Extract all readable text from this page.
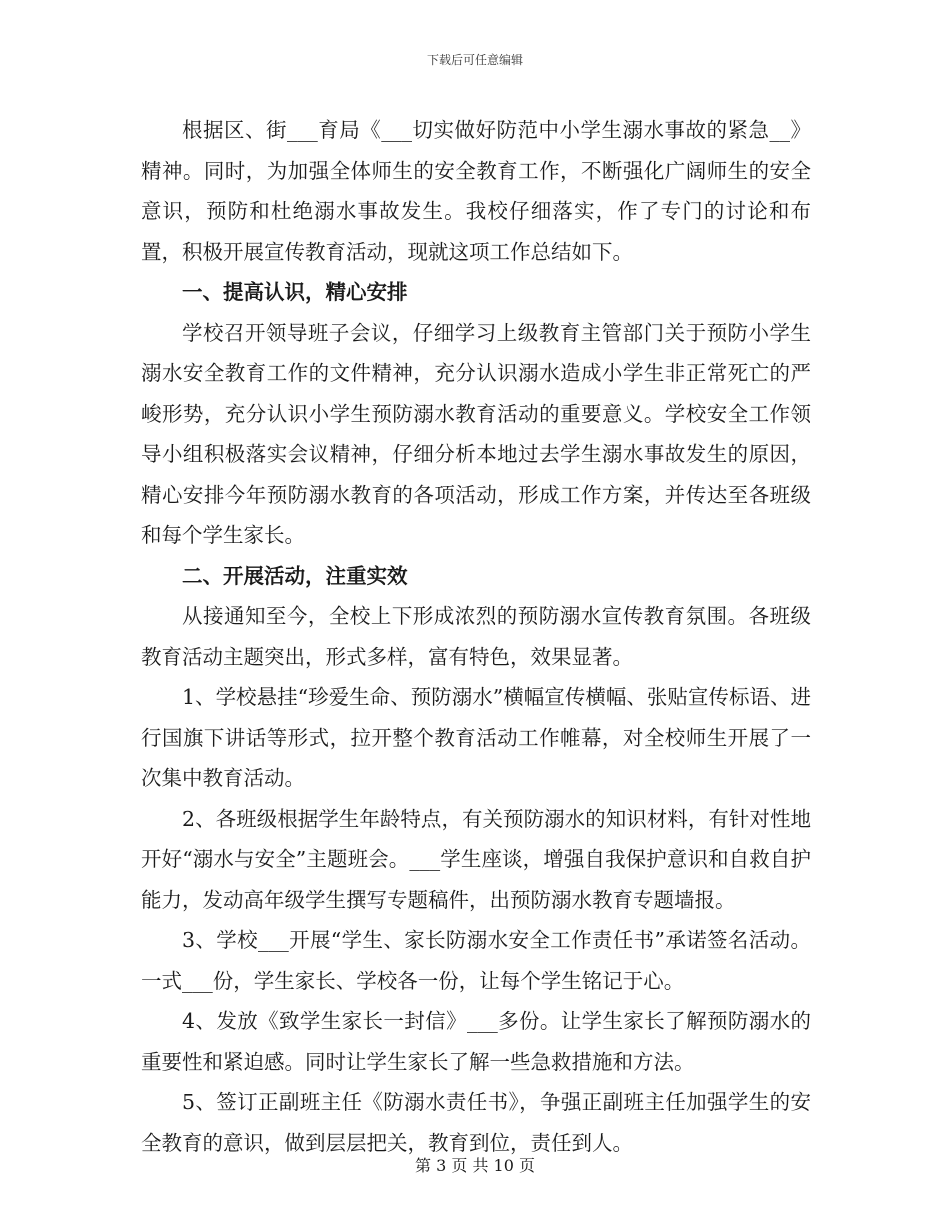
下载后可任意编辑

根据区、街___育局《___切实做好防范中小学生溺水事故的紧急__》精神。同时，为加强全体师生的安全教育工作，不断强化广阔师生的安全意识，预防和杜绝溺水事故发生。我校仔细落实，作了专门的讨论和布置，积极开展宣传教育活动，现就这项工作总结如下。

一、提高认识，精心安排

学校召开领导班子会议，仔细学习上级教育主管部门关于预防小学生溺水安全教育工作的文件精神，充分认识溺水造成小学生非正常死亡的严峻形势，充分认识小学生预防溺水教育活动的重要意义。学校安全工作领导小组积极落实会议精神，仔细分析本地过去学生溺水事故发生的原因，精心安排今年预防溺水教育的各项活动，形成工作方案，并传达至各班级和每个学生家长。

二、开展活动，注重实效

从接通知至今，全校上下形成浓烈的预防溺水宣传教育氛围。各班级教育活动主题突出，形式多样，富有特色，效果显著。

1、学校悬挂“珍爱生命、预防溺水”横幅宣传横幅、张贴宣传标语、进行国旗下讲话等形式，拉开整个教育活动工作帷幕，对全校师生开展了一次集中教育活动。

2、各班级根据学生年龄特点，有关预防溺水的知识材料，有针对性地开好“溺水与安全”主题班会。___学生座谈，增强自我保护意识和自救自护能力，发动高年级学生撰写专题稿件，出预防溺水教育专题墙报。

3、学校___开展“学生、家长防溺水安全工作责任书”承诺签名活动。一式___份，学生家长、学校各一份，让每个学生铭记于心。

4、发放《致学生家长一封信》___多份。让学生家长了解预防溺水的重要性和紧迫感。同时让学生家长了解一些急救措施和方法。

5、签订正副班主任《防溺水责任书》，争强正副班主任加强学生的安全教育的意识，做到层层把关，教育到位，责任到人。

第 3 页 共 10 页
